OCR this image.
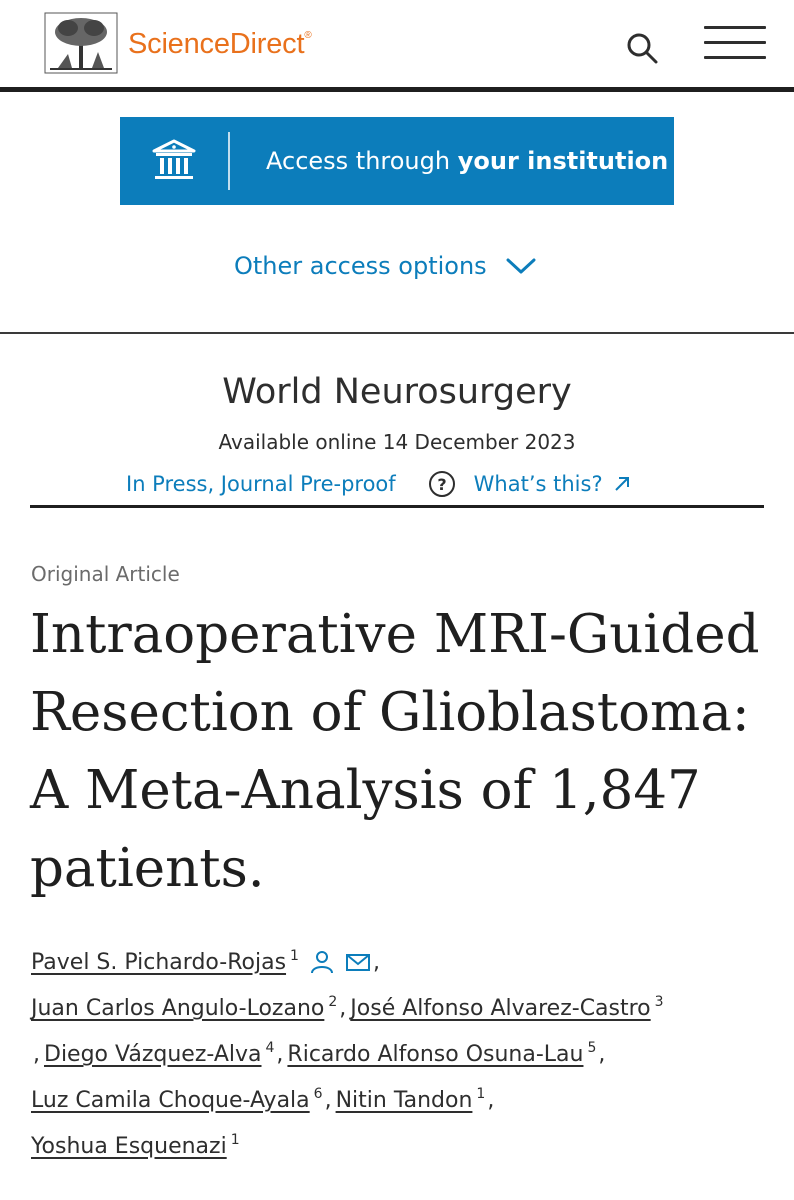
ScienceDirect®
Access through your institution
Other access options
World Neurosurgery
Available online 14 December 2023
In Press, Journal Pre-proof	? What’s this?
Original Article
Intraoperative MRI-Guided
Resection of Glioblastoma:
A Meta-Analysis of 1,847
patients.
Pavel S. Pichardo-Rojas 1	,
Juan Carlos Angulo-Lozano 2 , José Alfonso Alvarez-Castro 3
, Diego Vázquez-Alva 4 , Ricardo Alfonso Osuna-Lau 5 ,
Luz Camila Choque-Ayala 6 , Nitin Tandon 1 ,
Yoshua Esquenazi 1
